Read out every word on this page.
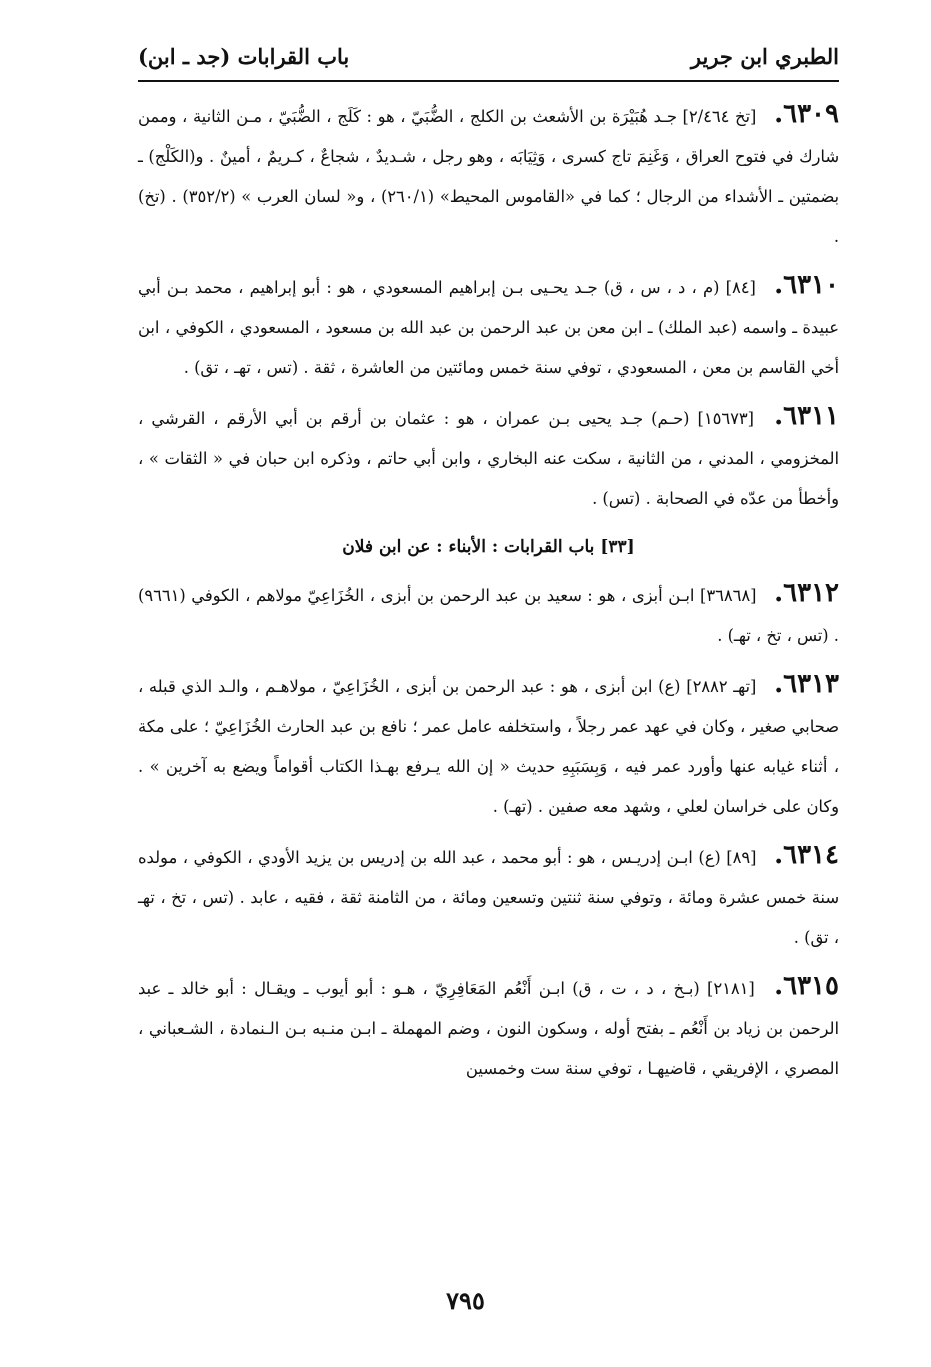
الطبري ابن جرير
باب القرابات (جد ـ ابن)

٦٣٠٩. [تخ ٢/٤٦٤] جـد هُبَيْرَة بن الأشعث بن الكلج ، الضُّبَيّ ، هو : كَلَج ، الضُّبَيّ ، مـن الثانية ، وممن شارك في فتوح العراق ، وَغَنِمَ تاج كسرى ، وَثِيَابَه ، وهو رجل ، شـديدٌ ، شجاعٌ ، كـريمٌ ، أمينٌ . و(الكَلْج) ـ بضمتين ـ الأشداء من الرجال ؛ كما في «القاموس المحيط» (٢٦٠/١) ، و« لسان العرب » (٣٥٢/٢) . (تخ) .

٦٣١٠. [٨٤] (م ، د ، س ، ق) جـد يحـيى بـن إبراهيم المسعودي ، هو : أبو إبراهيم ، محمد بـن أبي عبيدة ـ واسمه (عبد الملك) ـ ابن معن بن عبد الرحمن بن عبد الله بن مسعود ، المسعودي ، الكوفي ، ابن أخي القاسم بن معن ، المسعودي ، توفي سنة خمس ومائتين من العاشرة ، ثقة . (تس ، تهـ ، تق) .

٦٣١١. [١٥٦٧٣] (حـم) جـد يحيى بـن عمران ، هو : عثمان بن أرقم بن أبي الأرقم ، القرشي ، المخزومي ، المدني ، من الثانية ، سكت عنه البخاري ، وابن أبي حاتم ، وذكره ابن حبان في « الثقات » ، وأخطأ من عدّه في الصحابة . (تس) .

[٣٣] باب القرابات : الأبناء : عن ابن فلان

٦٣١٢. [٣٦٨٦٨] ابـن أبزى ، هو : سعيد بن عبد الرحمن بن أبزى ، الخُزَاعِيّ مولاهم ، الكوفي (٩٦٦١) . (تس ، تخ ، تهـ) .

٦٣١٣. [تهـ ٢٨٨٢] (ع) ابن أبزى ، هو : عبد الرحمن بن أبزى ، الخُزَاعِيّ ، مولاهـم ، والـد الذي قبله ، صحابي صغير ، وكان في عهد عمر رجلاً ، واستخلفه عامل عمر ؛ نافع بن عبد الحارث الخُزَاعِيّ ؛ على مكة ، أثناء غيابه عنها وأورد عمر فيه ، وَبِسَبَبِهِ حديث « إن الله يـرفع بهـذا الكتاب أقواماً ويضع به آخرين » . وكان على خراسان لعلي ، وشهد معه صفين . (تهـ) .

٦٣١٤. [٨٩] (ع) ابـن إدريـس ، هو : أبو محمد ، عبد الله بن إدريس بن يزيد الأودي ، الكوفي ، مولده سنة خمس عشرة ومائة ، وتوفي سنة ثنتين وتسعين ومائة ، من الثامنة ثقة ، فقيه ، عابد . (تس ، تخ ، تهـ ، تق) .

٦٣١٥. [٢١٨١] (بـخ ، د ، ت ، ق) ابـن أَنْعُم المَعَافِرِيّ ، هـو : أبو أيوب ـ ويقـال : أبو خالد ـ عبد الرحمن بن زياد بن أَنْعُم ـ بفتح أوله ، وسكون النون ، وضم المهملة ـ ابـن منـبه بـن الـنمادة ، الشـعباني ، المصري ، الإفريقي ، قاضيهـا ، توفي سنة ست وخمسين

٧٩٥
